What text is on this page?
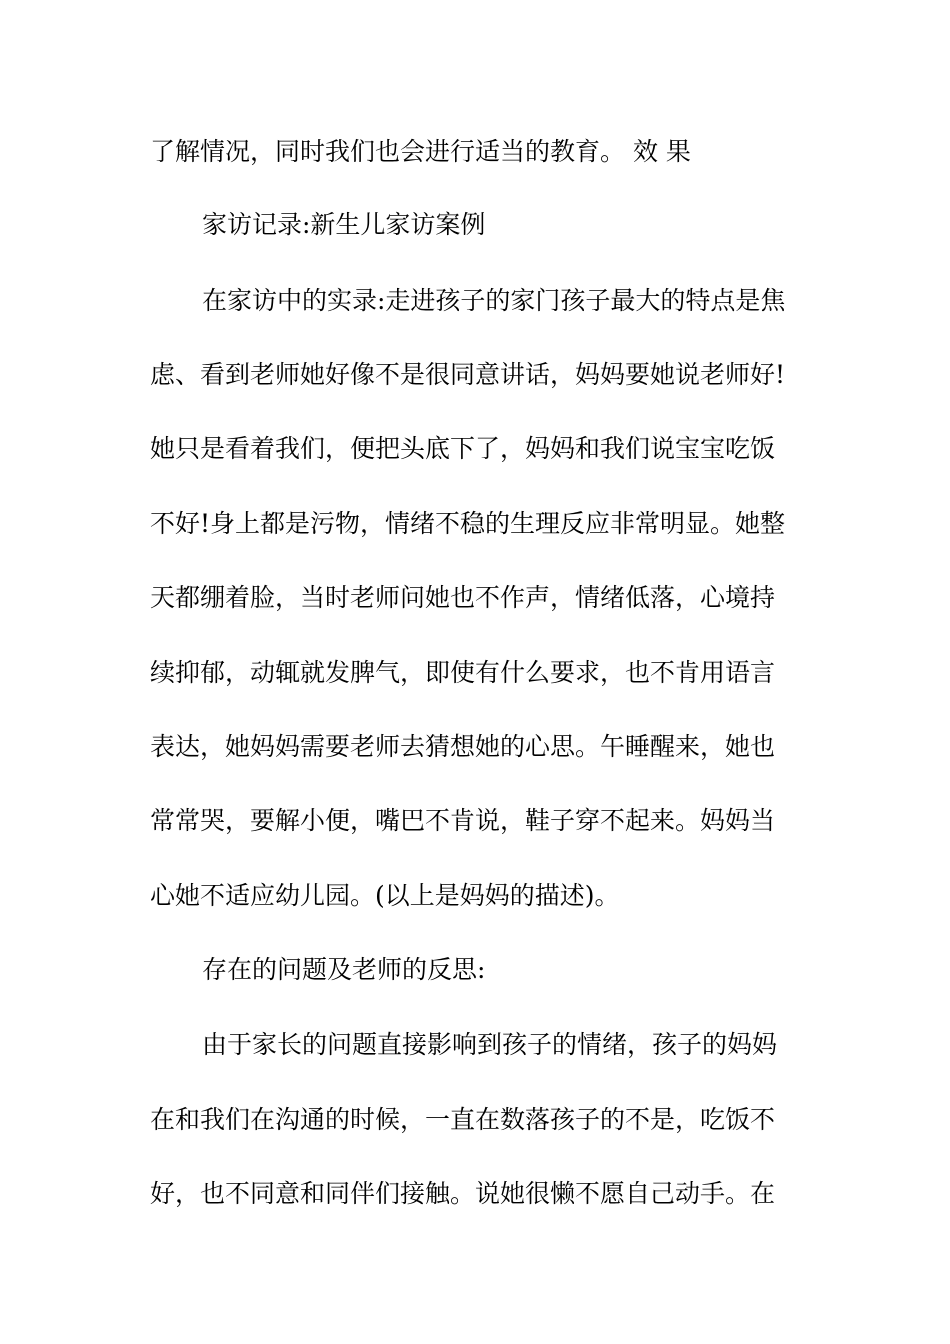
了解情况，同时我们也会进行适当的教育。 效 果
家访记录:新生儿家访案例
在家访中的实录:走进孩子的家门孩子最大的特点是焦
虑、看到老师她好像不是很同意讲话，妈妈要她说老师好!
她只是看着我们，便把头底下了，妈妈和我们说宝宝吃饭
不好!身上都是污物，情绪不稳的生理反应非常明显。她整
天都绷着脸，当时老师问她也不作声，情绪低落，心境持
续抑郁，动辄就发脾气，即使有什么要求，也不肯用语言
表达，她妈妈需要老师去猜想她的心思。午睡醒来，她也
常常哭，要解小便，嘴巴不肯说，鞋子穿不起来。妈妈当
心她不适应幼儿园。(以上是妈妈的描述)。
存在的问题及老师的反思:
由于家长的问题直接影响到孩子的情绪，孩子的妈妈
在和我们在沟通的时候，一直在数落孩子的不是，吃饭不
好，也不同意和同伴们接触。说她很懒不愿自己动手。在
